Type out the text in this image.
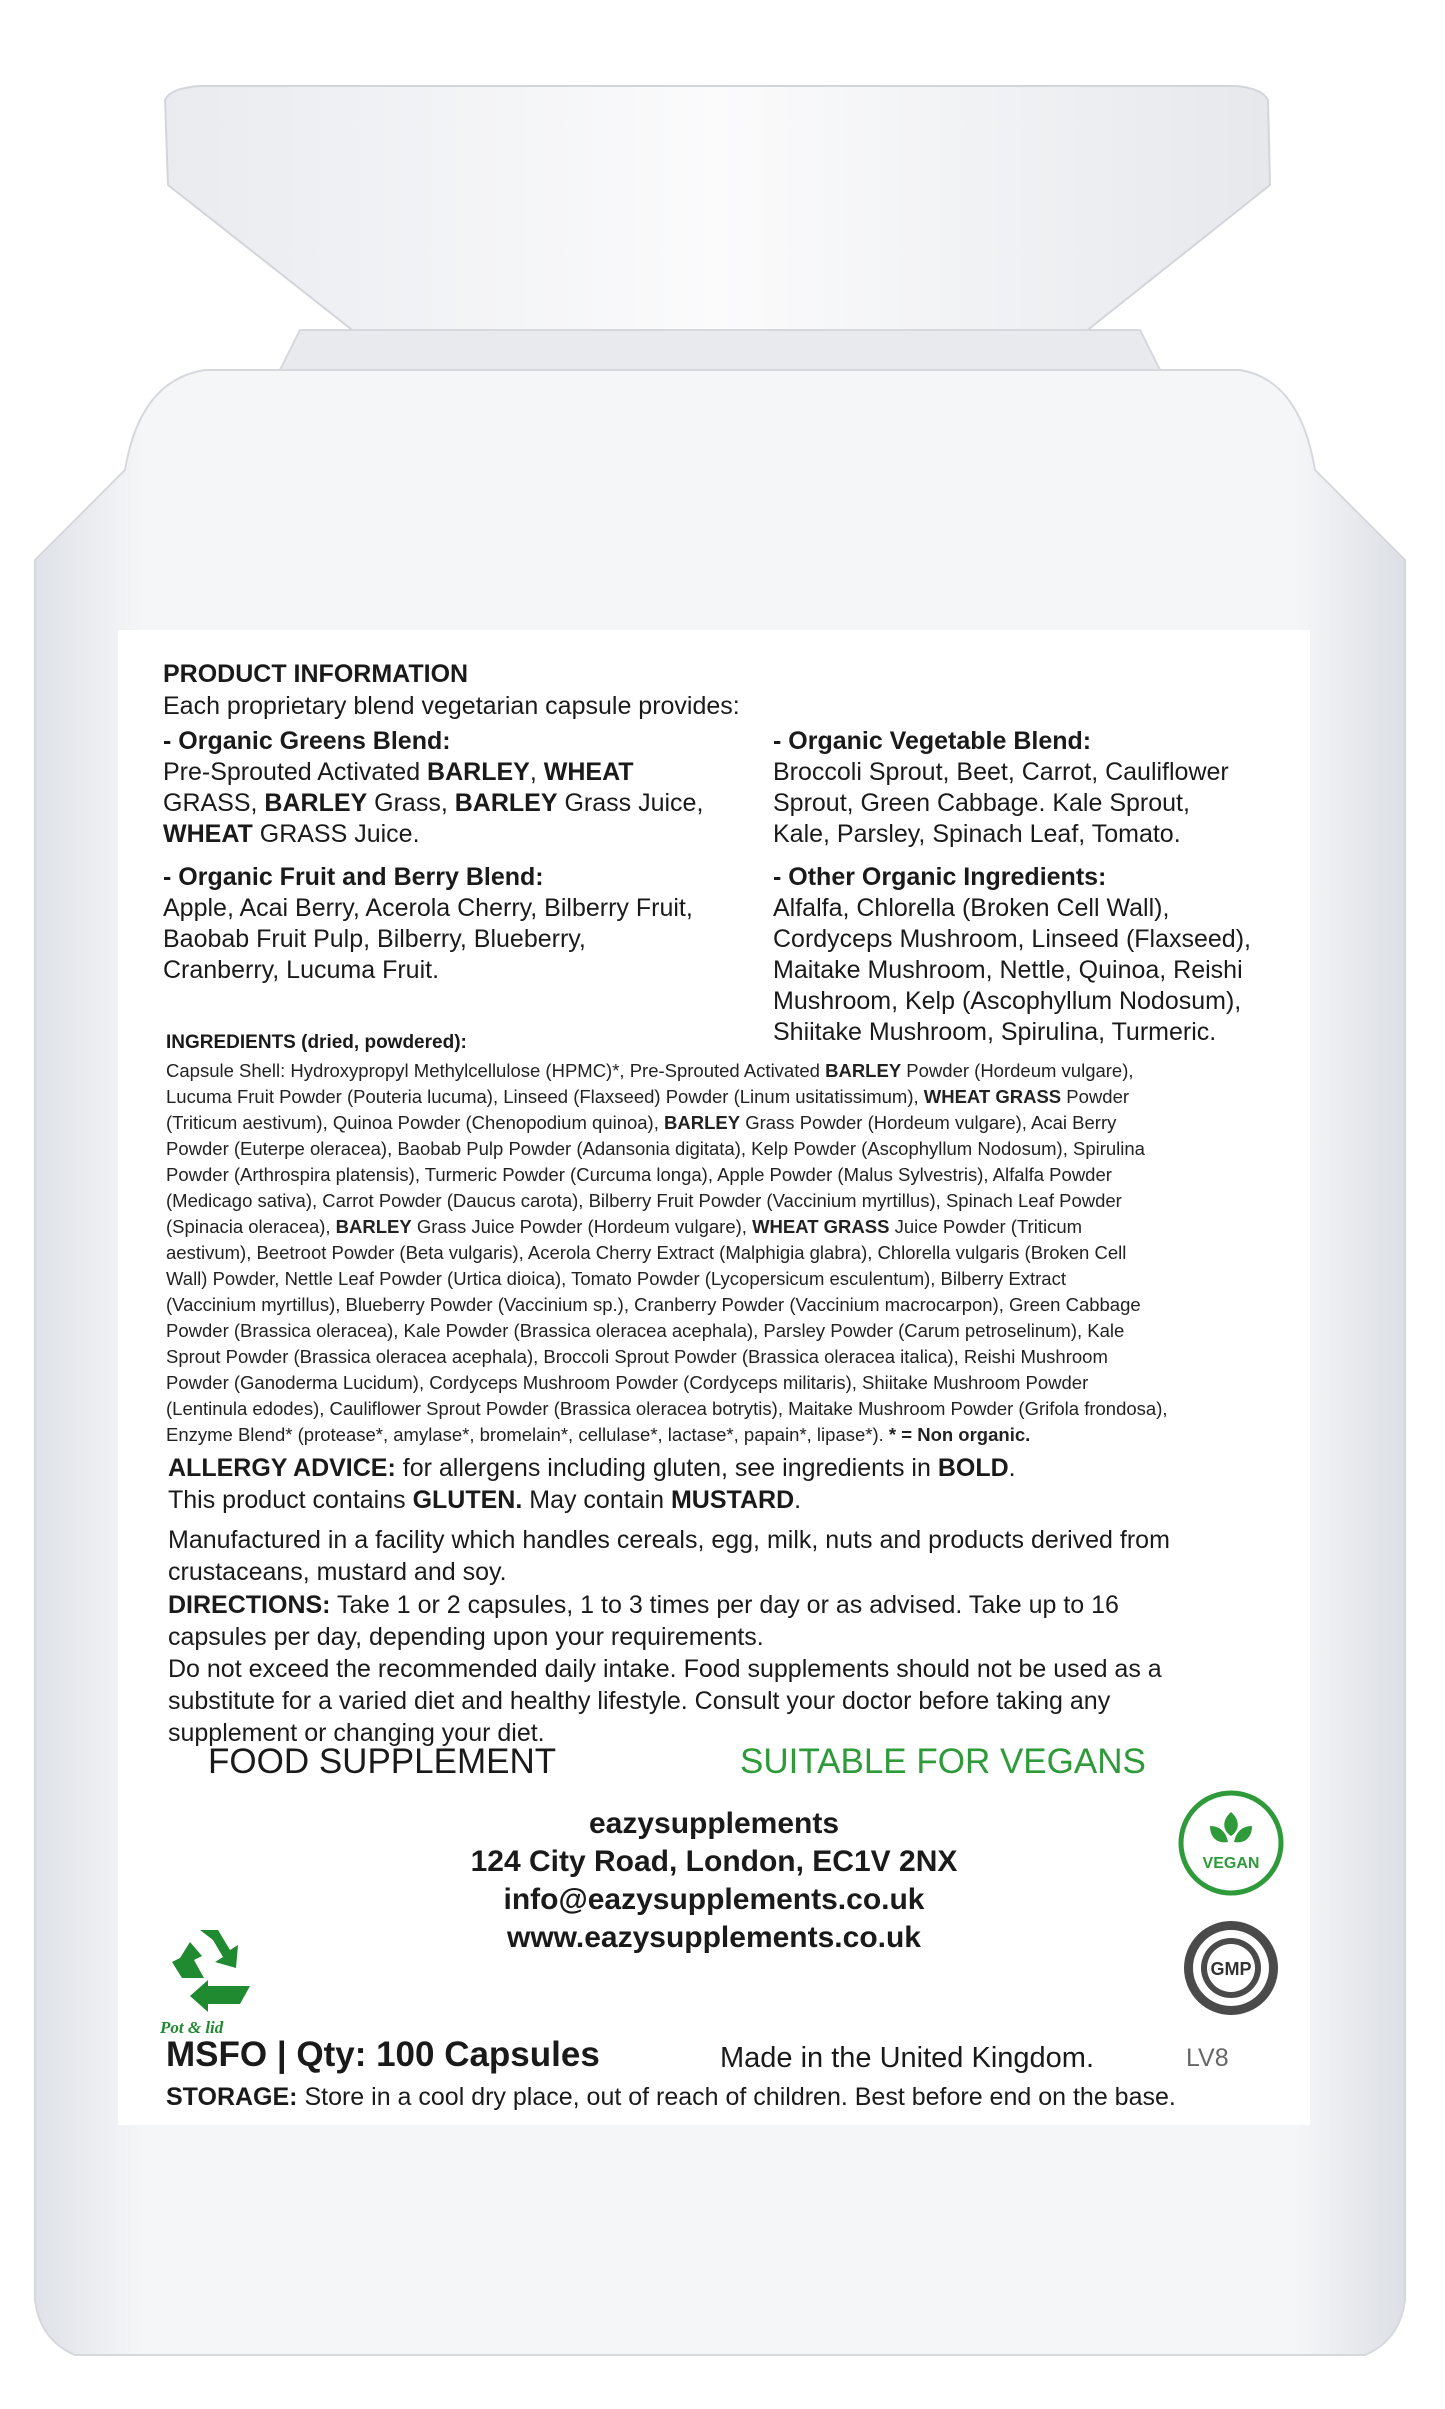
PRODUCT INFORMATION
Each proprietary blend vegetarian capsule provides:

- Organic Greens Blend:

Pre-Sprouted Activated BARLEY, WHEAT

GRASS, BARLEY Grass, BARLEY Grass Juice,

WHEAT GRASS Juice.

- Organic Fruit and Berry Blend:

Apple, Acai Berry, Acerola Cherry, Bilberry Fruit,

Baobab Fruit Pulp, Bilberry, Blueberry,

Cranberry, Lucuma Fruit.

- Organic Vegetable Blend:

Broccoli Sprout, Beet, Carrot, Cauliflower

Sprout, Green Cabbage. Kale Sprout,

Kale, Parsley, Spinach Leaf, Tomato.

- Other Organic Ingredients:

Alfalfa, Chlorella (Broken Cell Wall),

Cordyceps Mushroom, Linseed (Flaxseed),

Maitake Mushroom, Nettle, Quinoa, Reishi

Mushroom, Kelp (Ascophyllum Nodosum),

Shiitake Mushroom, Spirulina, Turmeric.

INGREDIENTS (dried, powdered):
Capsule Shell: Hydroxypropyl Methylcellulose (HPMC)*, Pre-Sprouted Activated BARLEY Powder (Hordeum vulgare),
Lucuma Fruit Powder (Pouteria lucuma), Linseed (Flaxseed) Powder (Linum usitatissimum), WHEAT GRASS Powder
(Triticum aestivum), Quinoa Powder (Chenopodium quinoa), BARLEY Grass Powder (Hordeum vulgare), Acai Berry
Powder (Euterpe oleracea), Baobab Pulp Powder (Adansonia digitata), Kelp Powder (Ascophyllum Nodosum), Spirulina
Powder (Arthrospira platensis), Turmeric Powder (Curcuma longa), Apple Powder (Malus Sylvestris), Alfalfa Powder
(Medicago sativa), Carrot Powder (Daucus carota), Bilberry Fruit Powder (Vaccinium myrtillus), Spinach Leaf Powder
(Spinacia oleracea), BARLEY Grass Juice Powder (Hordeum vulgare), WHEAT GRASS Juice Powder (Triticum
aestivum), Beetroot Powder (Beta vulgaris), Acerola Cherry Extract (Malphigia glabra), Chlorella vulgaris (Broken Cell
Wall) Powder, Nettle Leaf Powder (Urtica dioica), Tomato Powder (Lycopersicum esculentum), Bilberry Extract
(Vaccinium myrtillus), Blueberry Powder (Vaccinium sp.), Cranberry Powder (Vaccinium macrocarpon), Green Cabbage
Powder (Brassica oleracea), Kale Powder (Brassica oleracea acephala), Parsley Powder (Carum petroselinum), Kale
Sprout Powder (Brassica oleracea acephala), Broccoli Sprout Powder (Brassica oleracea italica), Reishi Mushroom
Powder (Ganoderma Lucidum), Cordyceps Mushroom Powder (Cordyceps militaris), Shiitake Mushroom Powder
(Lentinula edodes), Cauliflower Sprout Powder (Brassica oleracea botrytis), Maitake Mushroom Powder (Grifola frondosa),
Enzyme Blend* (protease*, amylase*, bromelain*, cellulase*, lactase*, papain*, lipase*). * = Non organic.
ALLERGY ADVICE: for allergens including gluten, see ingredients in BOLD.
This product contains GLUTEN. May contain MUSTARD.
Manufactured in a facility which handles cereals, egg, milk, nuts and products derived from
crustaceans, mustard and soy.
DIRECTIONS: Take 1 or 2 capsules, 1 to 3 times per day or as advised. Take up to 16
capsules per day, depending upon your requirements.
Do not exceed the recommended daily intake. Food supplements should not be used as a
substitute for a varied diet and healthy lifestyle. Consult your doctor before taking any
supplement or changing your diet.
FOOD SUPPLEMENT	SUITABLE FOR VEGANS
VEGAN
GMP
Pot & lid
eazysupplements
124 City Road, London, EC1V 2NX
info@eazysupplements.co.uk
www.eazysupplements.co.uk
MSFO | Qty: 100 Capsules	Made in the United Kingdom.	LV8
STORAGE: Store in a cool dry place, out of reach of children. Best before end on the base.
